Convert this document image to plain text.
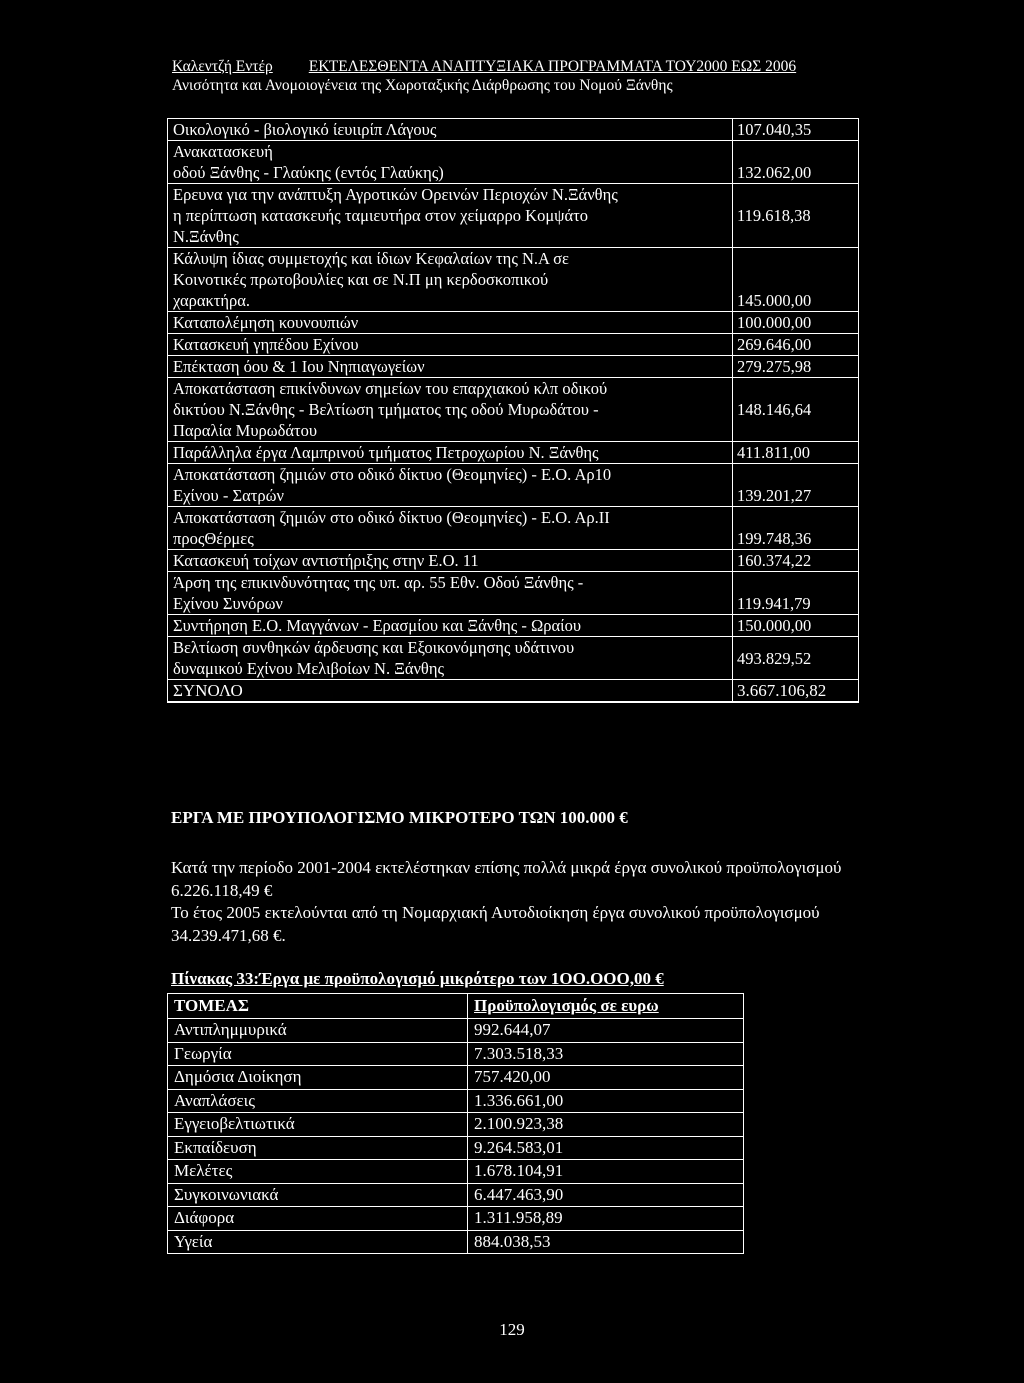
Καλεντζή Εντέρ ΕΚΤΕΛΕΣΘΕΝΤΑ ΑΝΑΠΤΥΞΙΑΚΑ ΠΡΟΓΡΑΜΜΑΤΑ ΤΟΥ2000 ΕΩΣ 2006
Ανισότητα και Ανομοιογένεια της Χωροταξικής Διάρθρωσης του Νομού Ξάνθης
Οικολογικό - βιολογικό ίευιιρίπ Λάγους	107.040,35
Ανακατασκευή
οδού Ξάνθης - Γλαύκης (εντός Γλαύκης)	132.062,00
Ερευνα για την ανάπτυξη Αγροτικών Ορεινών Περιοχών Ν.Ξάνθης
η περίπτωση κατασκευής ταμιευτήρα στον χείμαρρο Κομψάτο
Ν.Ξάνθης	119.618,38
Κάλυψη ίδιας συμμετοχής και ίδιων Κεφαλαίων της Ν.Α σε
Κοινοτικές πρωτοβουλίες και σε Ν.Π μη κερδοσκοπικού
χαρακτήρα.	145.000,00
Καταπολέμηση κουνουπιών	100.000,00
Κατασκευή γηπέδου Εχίνου	269.646,00
Επέκταση όου & 1 Ιου Νηπιαγωγείων	279.275,98
Αποκατάσταση επικίνδυνων σημείων του επαρχιακού κλπ οδικού
δικτύου Ν.Ξάνθης - Βελτίωση τμήματος της οδού Μυρωδάτου -
Παραλία Μυρωδάτου	148.146,64
Παράλληλα έργα Λαμπρινού τμήματος Πετροχωρίου Ν. Ξάνθης	411.811,00
Αποκατάσταση ζημιών στο οδικό δίκτυο (Θεομηνίες) - Ε.Ο. Αρ10
Εχίνου - Σατρών	139.201,27
Αποκατάσταση ζημιών στο οδικό δίκτυο (Θεομηνίες) - Ε.Ο. Αρ.ΙΙ
προςΘέρμες	199.748,36
Κατασκευή τοίχων αντιστήριξης στην Ε.Ο. 11	160.374,22
Άρση της επικινδυνότητας της υπ. αρ. 55 Εθν. Οδού Ξάνθης -
Εχίνου Συνόρων	119.941,79
Συντήρηση Ε.Ο. Μαγγάνων - Ερασμίου και Ξάνθης - Ωραίου	150.000,00
Βελτίωση συνθηκών άρδευσης και Εξοικονόμησης υδάτινου
δυναμικού Εχίνου Μελιβοίων Ν. Ξάνθης	493.829,52
ΣΥΝΟΛΟ	3.667.106,82
ΕΡΓΑ ΜΕ ΠΡΟΥΠΟΛΟΓΙΣΜΟ ΜΙΚΡΟΤΕΡΟ ΤΩΝ 100.000 €
Κατά την περίοδο 2001-2004 εκτελέστηκαν επίσης πολλά μικρά έργα συνολικού προϋπολογισμού 6.226.118,49 €
Το έτος 2005 εκτελούνται από τη Νομαρχιακή Αυτοδιοίκηση έργα συνολικού προϋπολογισμού 34.239.471,68 €.
Πίνακας 33:Έργα με προϋπολογισμό μικρότερο των 1ΟΟ.ΟΟΟ,00 €
ΤΟΜΕΑΣ	Προϋπολογισμός σε ευρω
Αντιπλημμυρικά	992.644,07
Γεωργία	7.303.518,33
Δημόσια Διοίκηση	757.420,00
Αναπλάσεις	1.336.661,00
Εγγειοβελτιωτικά	2.100.923,38
Εκπαίδευση	9.264.583,01
Μελέτες	1.678.104,91
Συγκοινωνιακά	6.447.463,90
Διάφορα	1.311.958,89
Υγεία	884.038,53
129
